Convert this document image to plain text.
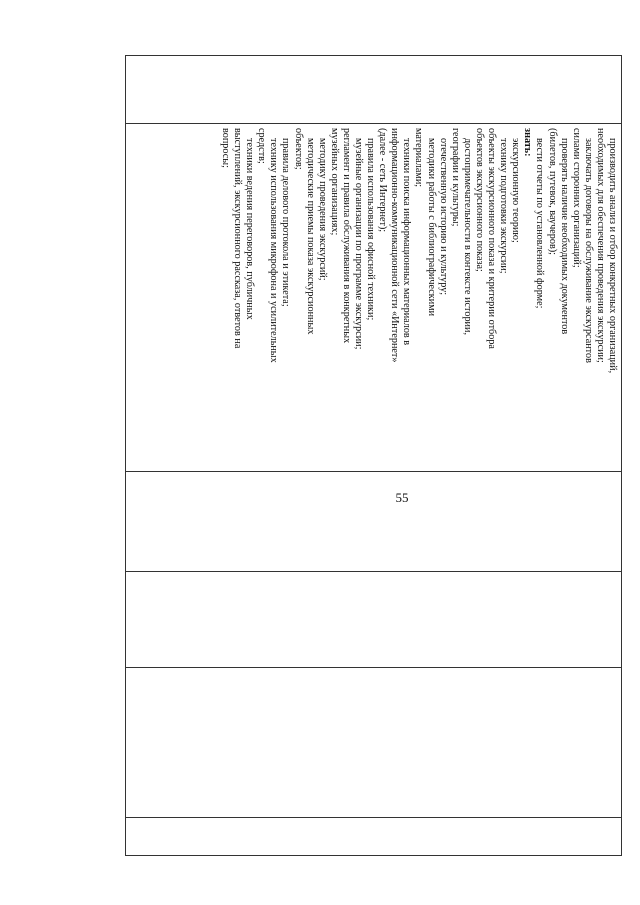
производить анализ и отбор конкретных организаций,
необходимых для обеспечения проведения экскурсии;
заключать договоры на обслуживание экскурсантов
силами сторонних организаций;
проверять наличие необходимых документов
(билетов, путевок, ваучеров);
вести отчеты по установленной форме;
знать:
экскурсионную теорию;
технику подготовки экскурсии;
объекты экскурсионного показа и критерии отбора
объектов экскурсионного показа;
достопримечательности в контексте истории,
географии и культуры;
отечественную историю и культуру;
методики работы с библиографическими
материалами;
техники поиска информационных материалов в
информационно-коммуникационной сети «Интернет»
(далее - сеть Интернет);
правила использования офисной техники;
музейные организации по программе экскурсии;
регламент и правила обслуживания в конкретных
музейных организациях;
методику проведения экскурсий;
методические приемы показа экскурсионных
объектов;
правила делового протокола и этикета;
технику использования микрофона и усилительных
средств;
техники ведения переговоров, публичных
выступлений, экскурсионного рассказа, ответов на
вопросы;

55
